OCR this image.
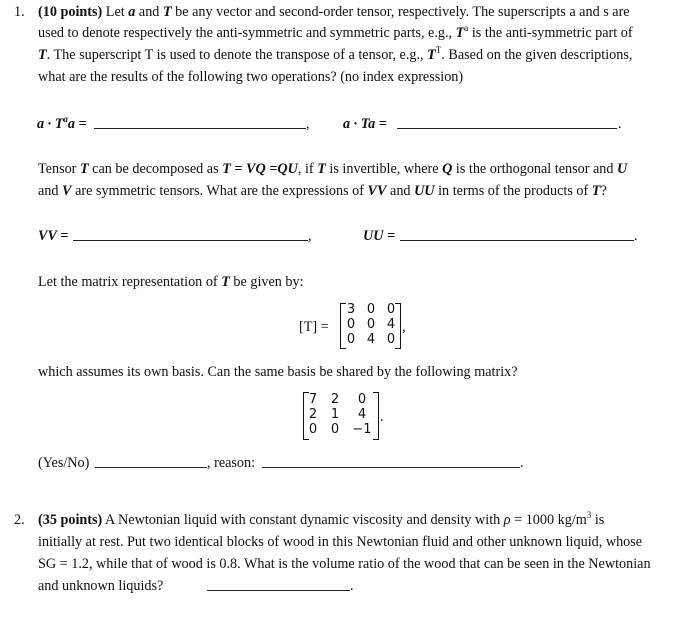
1. (10 points) Let a and T be any vector and second-order tensor, respectively. The superscripts a and s are
used to denote respectively the anti-symmetric and symmetric parts, e.g., $T^a$ is the anti-symmetric part of
T. The superscript T is used to denote the transpose of a tensor, e.g., $T^T$. Based on the given descriptions,
what are the results of the following two operations? (no index expression)
$a \cdot T^aa$ =	, a · Ta =	.
Tensor T can be decomposed as T = VQ =QU, if T is invertible, where Q is the orthogonal tensor and U
and V are symmetric tensors. What are the expressions of VV and UU in terms of the products of T?
VV =	,	UU =	.
Let the matrix representation of T be given by:
[T] =
3 0 0
0 0 4
0 4 0
,
which assumes its own basis. Can the same basis be shared by the following matrix?
7	2	0
2	1	4
0	0	−1
.
(Yes/No)	, reason:	.
2. (35 points) A Newtonian liquid with constant dynamic viscosity and density with ρ = 1000 $kg/m^3$ is
initially at rest. Put two identical blocks of wood in this Newtonian fluid and other unknown liquid, whose
SG = 1.2, while that of wood is 0.8. What is the volume ratio of the wood that can be seen in the Newtonian
and unknown liquids?	.
